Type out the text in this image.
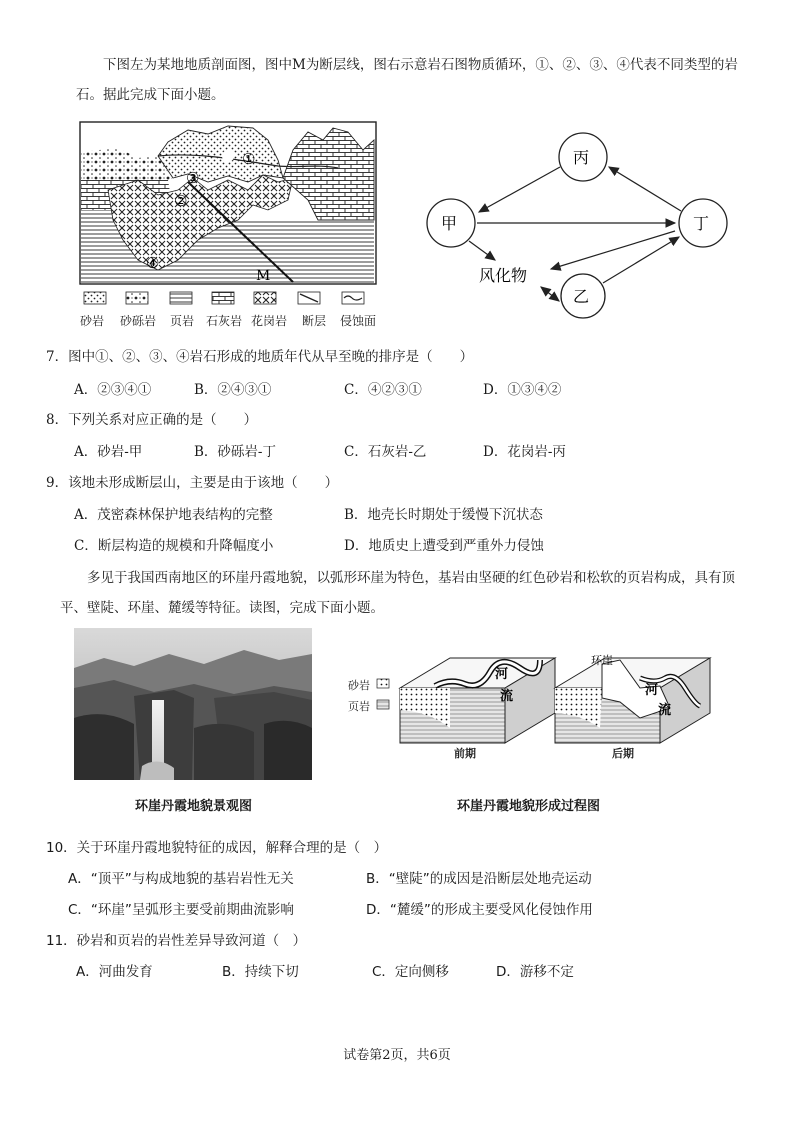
下图左为某地地质剖面图，图中M为断层线，图右示意岩石图物质循环，①、②、③、④代表不同类型的岩石。据此完成下面小题。
①
②
③
④
M
砂岩 砂砾岩 页岩 石灰岩 花岗岩 断层 侵蚀面
丙
甲	丁
乙
风化物
7．图中①、②、③、④岩石形成的地质年代从早至晚的排序是（　　）
A．②③④①	B．②④③①	C．④②③①	D．①③④②
8．下列关系对应正确的是（　　）
A．砂岩-甲	B．砂砾岩-丁	C．石灰岩-乙	D．花岗岩-丙
9．该地未形成断层山，主要是由于该地（　　）
A．茂密森林保护地表结构的完整	B．地壳长时期处于缓慢下沉状态
C．断层构造的规模和升降幅度小	D．地质史上遭受到严重外力侵蚀
多见于我国西南地区的环崖丹霞地貌，以弧形环崖为特色，基岩由坚硬的红色砂岩和松软的页岩构成，具有顶平、壁陡、环崖、麓缓等特征。读图，完成下面小题。
环崖丹霞地貌景观图
河
流	河
流
环崖
砂岩
页岩
前期	后期
环崖丹霞地貌形成过程图
10．关于环崖丹霞地貌特征的成因，解释合理的是（　）
A．“顶平”与构成地貌的基岩岩性无关	B．“壁陡”的成因是沿断层处地壳运动
C．“环崖”呈弧形主要受前期曲流影响	D．“麓缓”的形成主要受风化侵蚀作用
11．砂岩和页岩的岩性差异导致河道（　）
A．河曲发育	B．持续下切	C．定向侧移	D．游移不定
试卷第2页，共6页
